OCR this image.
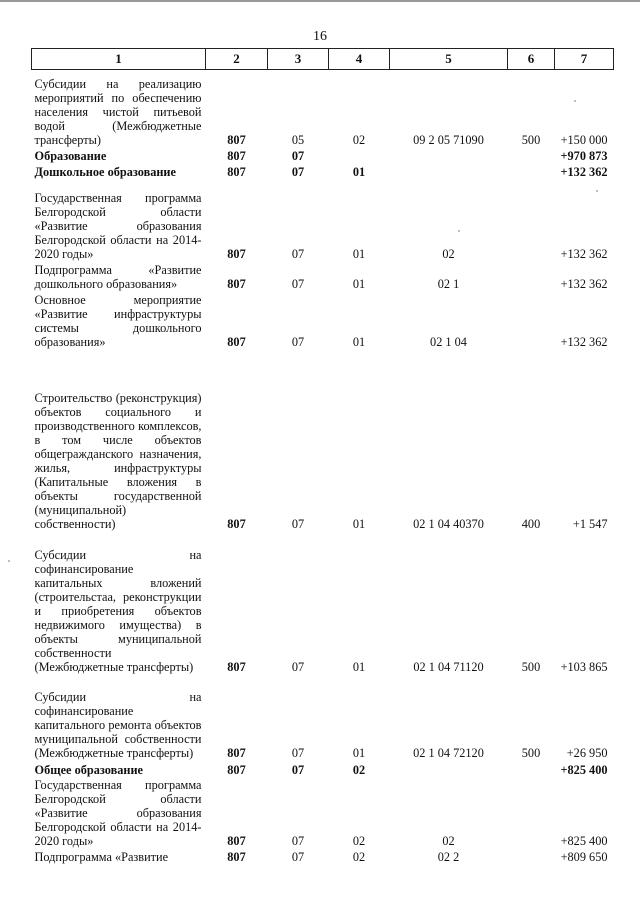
16
1	2	3	4	5	6	7
Субсидии на реализацию мероприятий по обеспечению населения чистой питьевой водой (Межбюджетные трансферты)	807	05	02	09 2 05 71090	500	+150 000
Образование	807	07				+970 873
Дошкольное образование	807	07	01			+132 362
Государственная программа Белгородской области «Развитие образования Белгородской области на 2014-2020 годы»	807	07	01	02		+132 362
Подпрограмма «Развитие дошкольного образования»	807	07	01	02 1		+132 362
Основное мероприятие «Развитие инфраструктуры системы дошкольного образования»	807	07	01	02 1 04		+132 362
Строительство (реконструкция) объектов социального и производственного комплексов, в том числе объектов общегражданского назначения, жилья, инфраструктуры (Капитальные вложения в объекты государственной (муниципальной) собственности)	807	07	01	02 1 04 40370	400	+1 547
Субсидии на софинансирование капитальных вложений (строительстаа, реконструкции и приобретения объектов недвижимого имущества) в объекты муниципальной собственности (Межбюджетные трансферты)	807	07	01	02 1 04 71120	500	+103 865
Субсидии на софинансирование капитального ремонта объектов муниципальной собственности (Межбюджетные трансферты)	807	07	01	02 1 04 72120	500	+26 950
Общее образование	807	07	02			+825 400
Государственная программа Белгородской области «Развитие образования Белгородской области на 2014-2020 годы»	807	07	02	02		+825 400
Подпрограмма «Развитие	807	07	02	02 2		+809 650
